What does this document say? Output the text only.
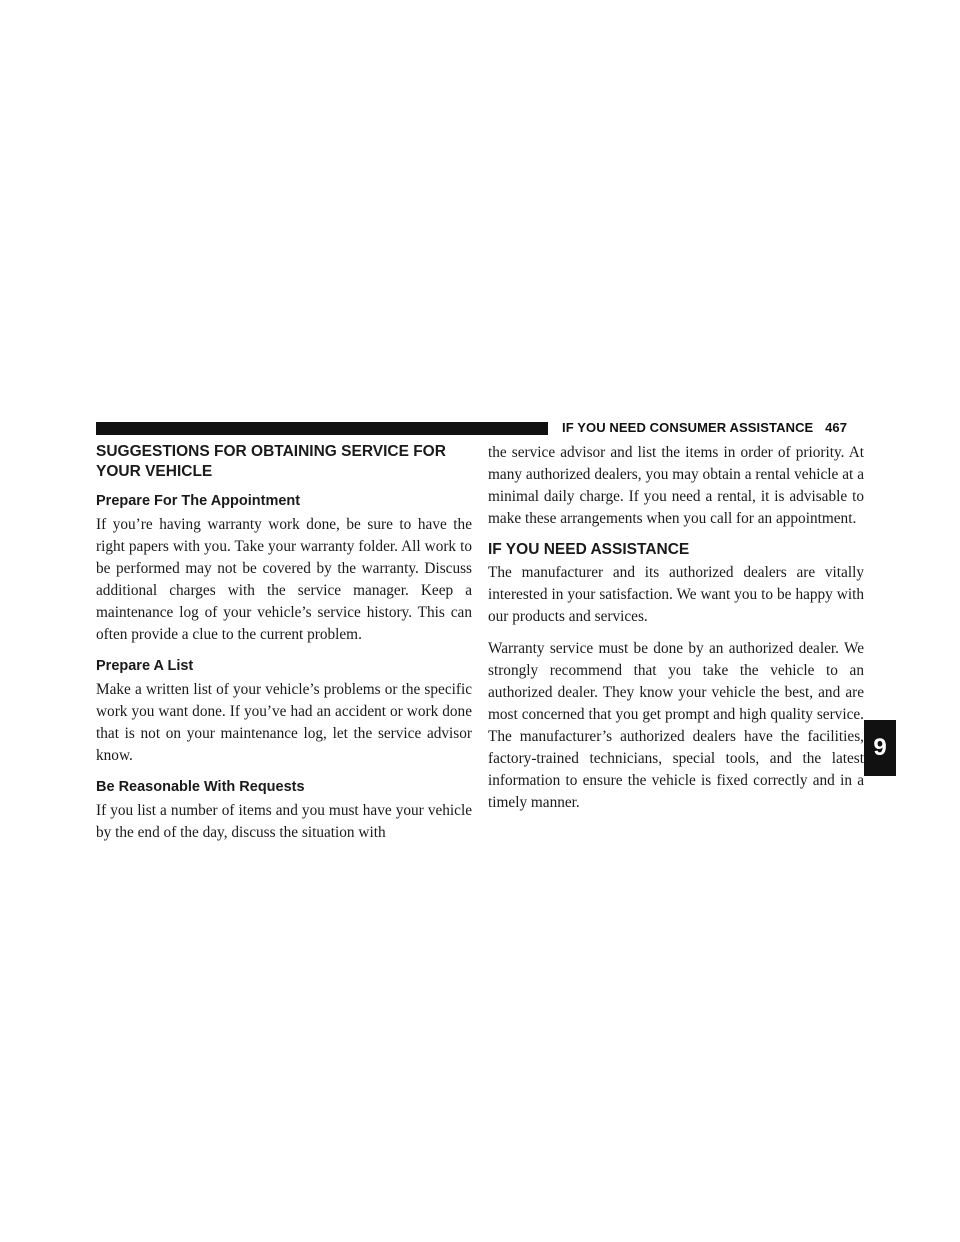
IF YOU NEED CONSUMER ASSISTANCE 467
SUGGESTIONS FOR OBTAINING SERVICE FOR YOUR VEHICLE
Prepare For The Appointment

If you’re having warranty work done, be sure to have the right papers with you. Take your warranty folder. All work to be performed may not be covered by the warranty. Discuss additional charges with the service manager. Keep a maintenance log of your vehicle’s service history. This can often provide a clue to the current problem.

Prepare A List

Make a written list of your vehicle’s problems or the specific work you want done. If you’ve had an accident or work done that is not on your maintenance log, let the service advisor know.

Be Reasonable With Requests

If you list a number of items and you must have your vehicle by the end of the day, discuss the situation with

the service advisor and list the items in order of priority. At many authorized dealers, you may obtain a rental vehicle at a minimal daily charge. If you need a rental, it is advisable to make these arrangements when you call for an appointment.

IF YOU NEED ASSISTANCE

The manufacturer and its authorized dealers are vitally interested in your satisfaction. We want you to be happy with our products and services.

Warranty service must be done by an authorized dealer. We strongly recommend that you take the vehicle to an authorized dealer. They know your vehicle the best, and are most concerned that you get prompt and high quality service. The manufacturer’s authorized dealers have the facilities, factory-trained technicians, special tools, and the latest information to ensure the vehicle is fixed correctly and in a timely manner.

9
